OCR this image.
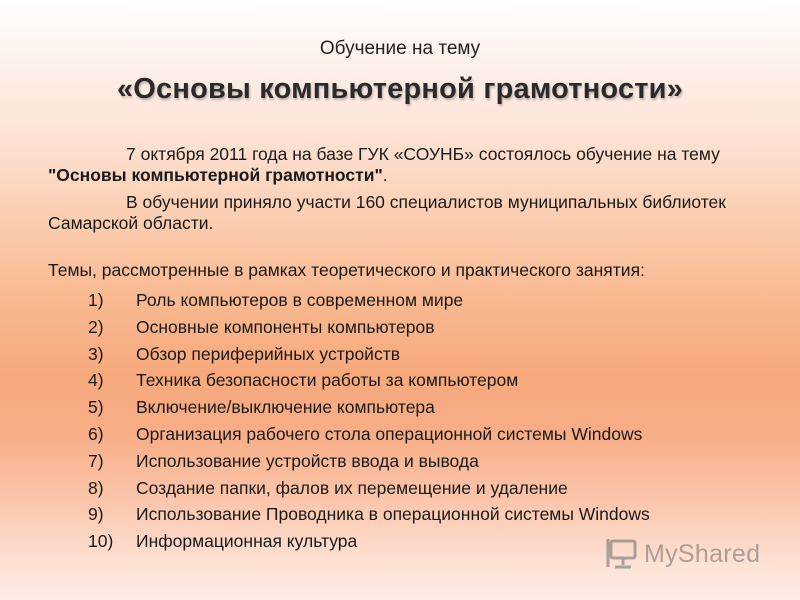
Обучение на тему
«Основы компьютерной грамотности»
7 октября 2011 года на базе ГУК «СОУНБ» состоялось обучение на тему "Основы компьютерной грамотности".
В обучении приняло участи 160 специалистов муниципальных библиотек Самарской области.
Темы, рассмотренные в рамках теоретического и практического занятия:
1) Роль компьютеров в современном мире
2) Основные компоненты компьютеров
3) Обзор периферийных устройств
4) Техника безопасности работы за компьютером
5) Включение/выключение компьютера
6) Организация рабочего стола операционной системы Windows
7) Использование устройств ввода и вывода
8) Создание папки, фалов их перемещение и удаление
9) Использование Проводника в операционной системы Windows
10) Информационная культура	MyShared
